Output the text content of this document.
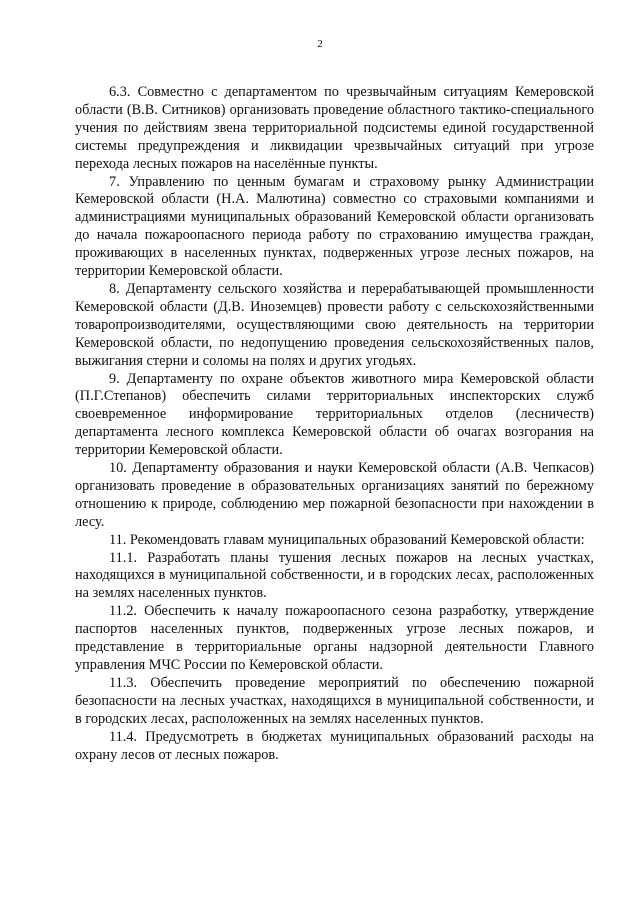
2

6.3. Совместно с департаментом по чрезвычайным ситуациям Кемеровской области (В.В. Ситников) организовать проведение областного тактико-специального учения по действиям звена территориальной подсистемы единой государственной системы предупреждения и ликвидации чрезвычайных ситуаций при угрозе перехода лесных пожаров на населённые пункты.

7. Управлению по ценным бумагам и страховому рынку Администрации Кемеровской области (Н.А. Малютина) совместно со страховыми компаниями и администрациями муниципальных образований Кемеровской области организовать до начала пожароопасного периода работу по страхованию имущества граждан, проживающих в населенных пунктах, подверженных угрозе лесных пожаров, на территории Кемеровской области.

8. Департаменту сельского хозяйства и перерабатывающей промышленности Кемеровской области (Д.В. Иноземцев) провести работу с сельскохозяйственными товаропроизводителями, осуществляющими свою деятельность на территории Кемеровской области, по недопущению проведения сельскохозяйственных палов, выжигания стерни и соломы на полях и других угодьях.

9. Департаменту по охране объектов животного мира Кемеровской области (П.Г.Степанов) обеспечить силами территориальных инспекторских служб своевременное информирование территориальных отделов (лесничеств) департамента лесного комплекса Кемеровской области об очагах возгорания на территории Кемеровской области.

10. Департаменту образования и науки Кемеровской области (А.В. Чепкасов) организовать проведение в образовательных организациях занятий по бережному отношению к природе, соблюдению мер пожарной безопасности при нахождении в лесу.

11. Рекомендовать главам муниципальных образований Кемеровской области:

11.1. Разработать планы тушения лесных пожаров на лесных участках, находящихся в муниципальной собственности, и в городских лесах, расположенных на землях населенных пунктов.

11.2. Обеспечить к началу пожароопасного сезона разработку, утверждение паспортов населенных пунктов, подверженных угрозе лесных пожаров, и представление в территориальные органы надзорной деятельности Главного управления МЧС России по Кемеровской области.

11.3. Обеспечить проведение мероприятий по обеспечению пожарной безопасности на лесных участках, находящихся в муниципальной собственности, и в городских лесах, расположенных на землях населенных пунктов.

11.4. Предусмотреть в бюджетах муниципальных образований расходы на охрану лесов от лесных пожаров.
